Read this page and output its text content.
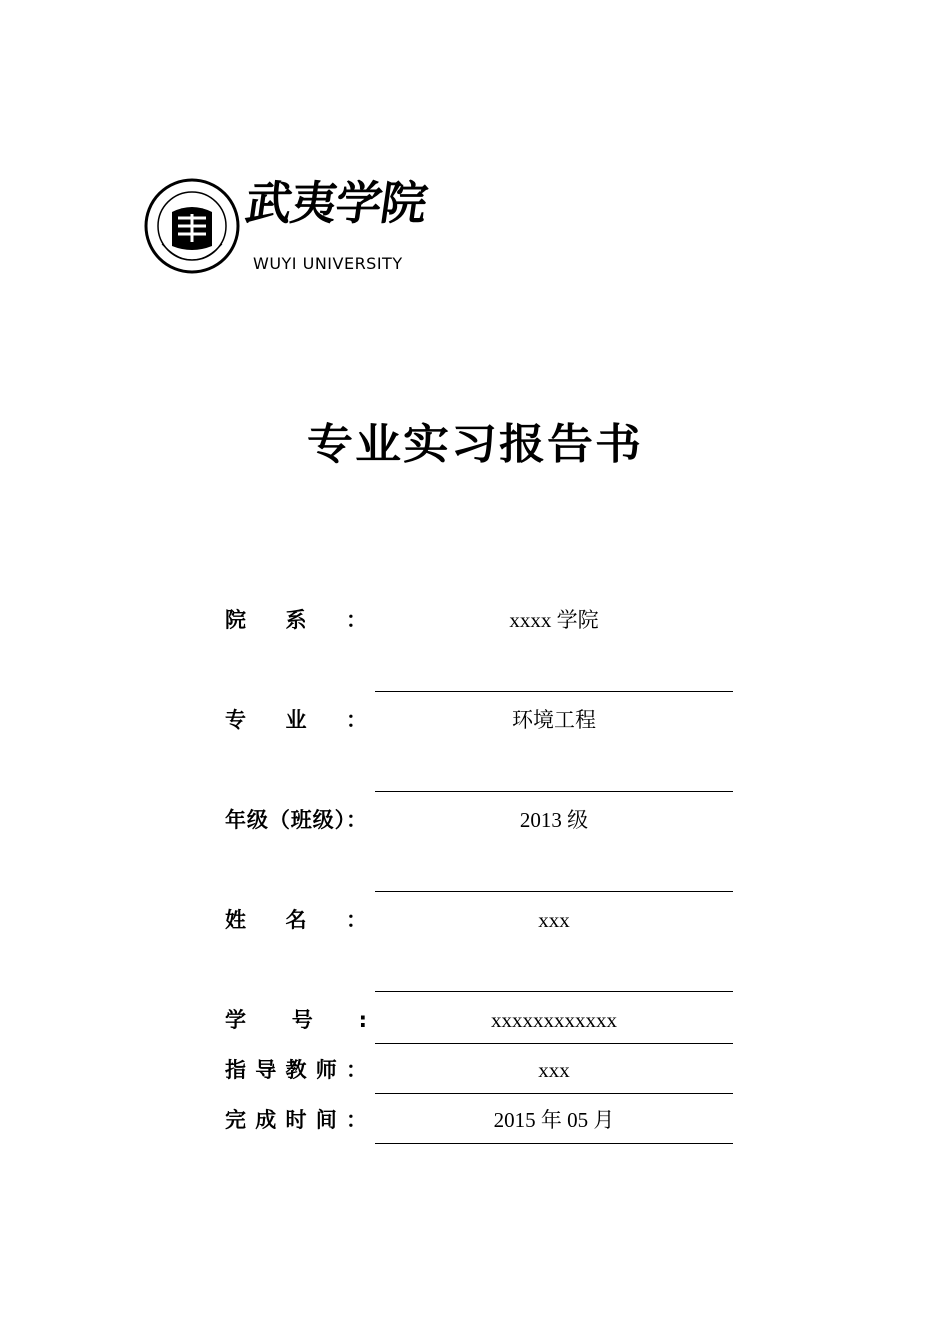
武夷学院
WUYI UNIVERSITY
专业实习报告书
院系：	xxxx 学院
专业：	环境工程
年级（班级）：	2013 级
姓名：	xxx
学号:	xxxxxxxxxxxx
指导教师：	xxx
完成时间：	2015 年 05 月
